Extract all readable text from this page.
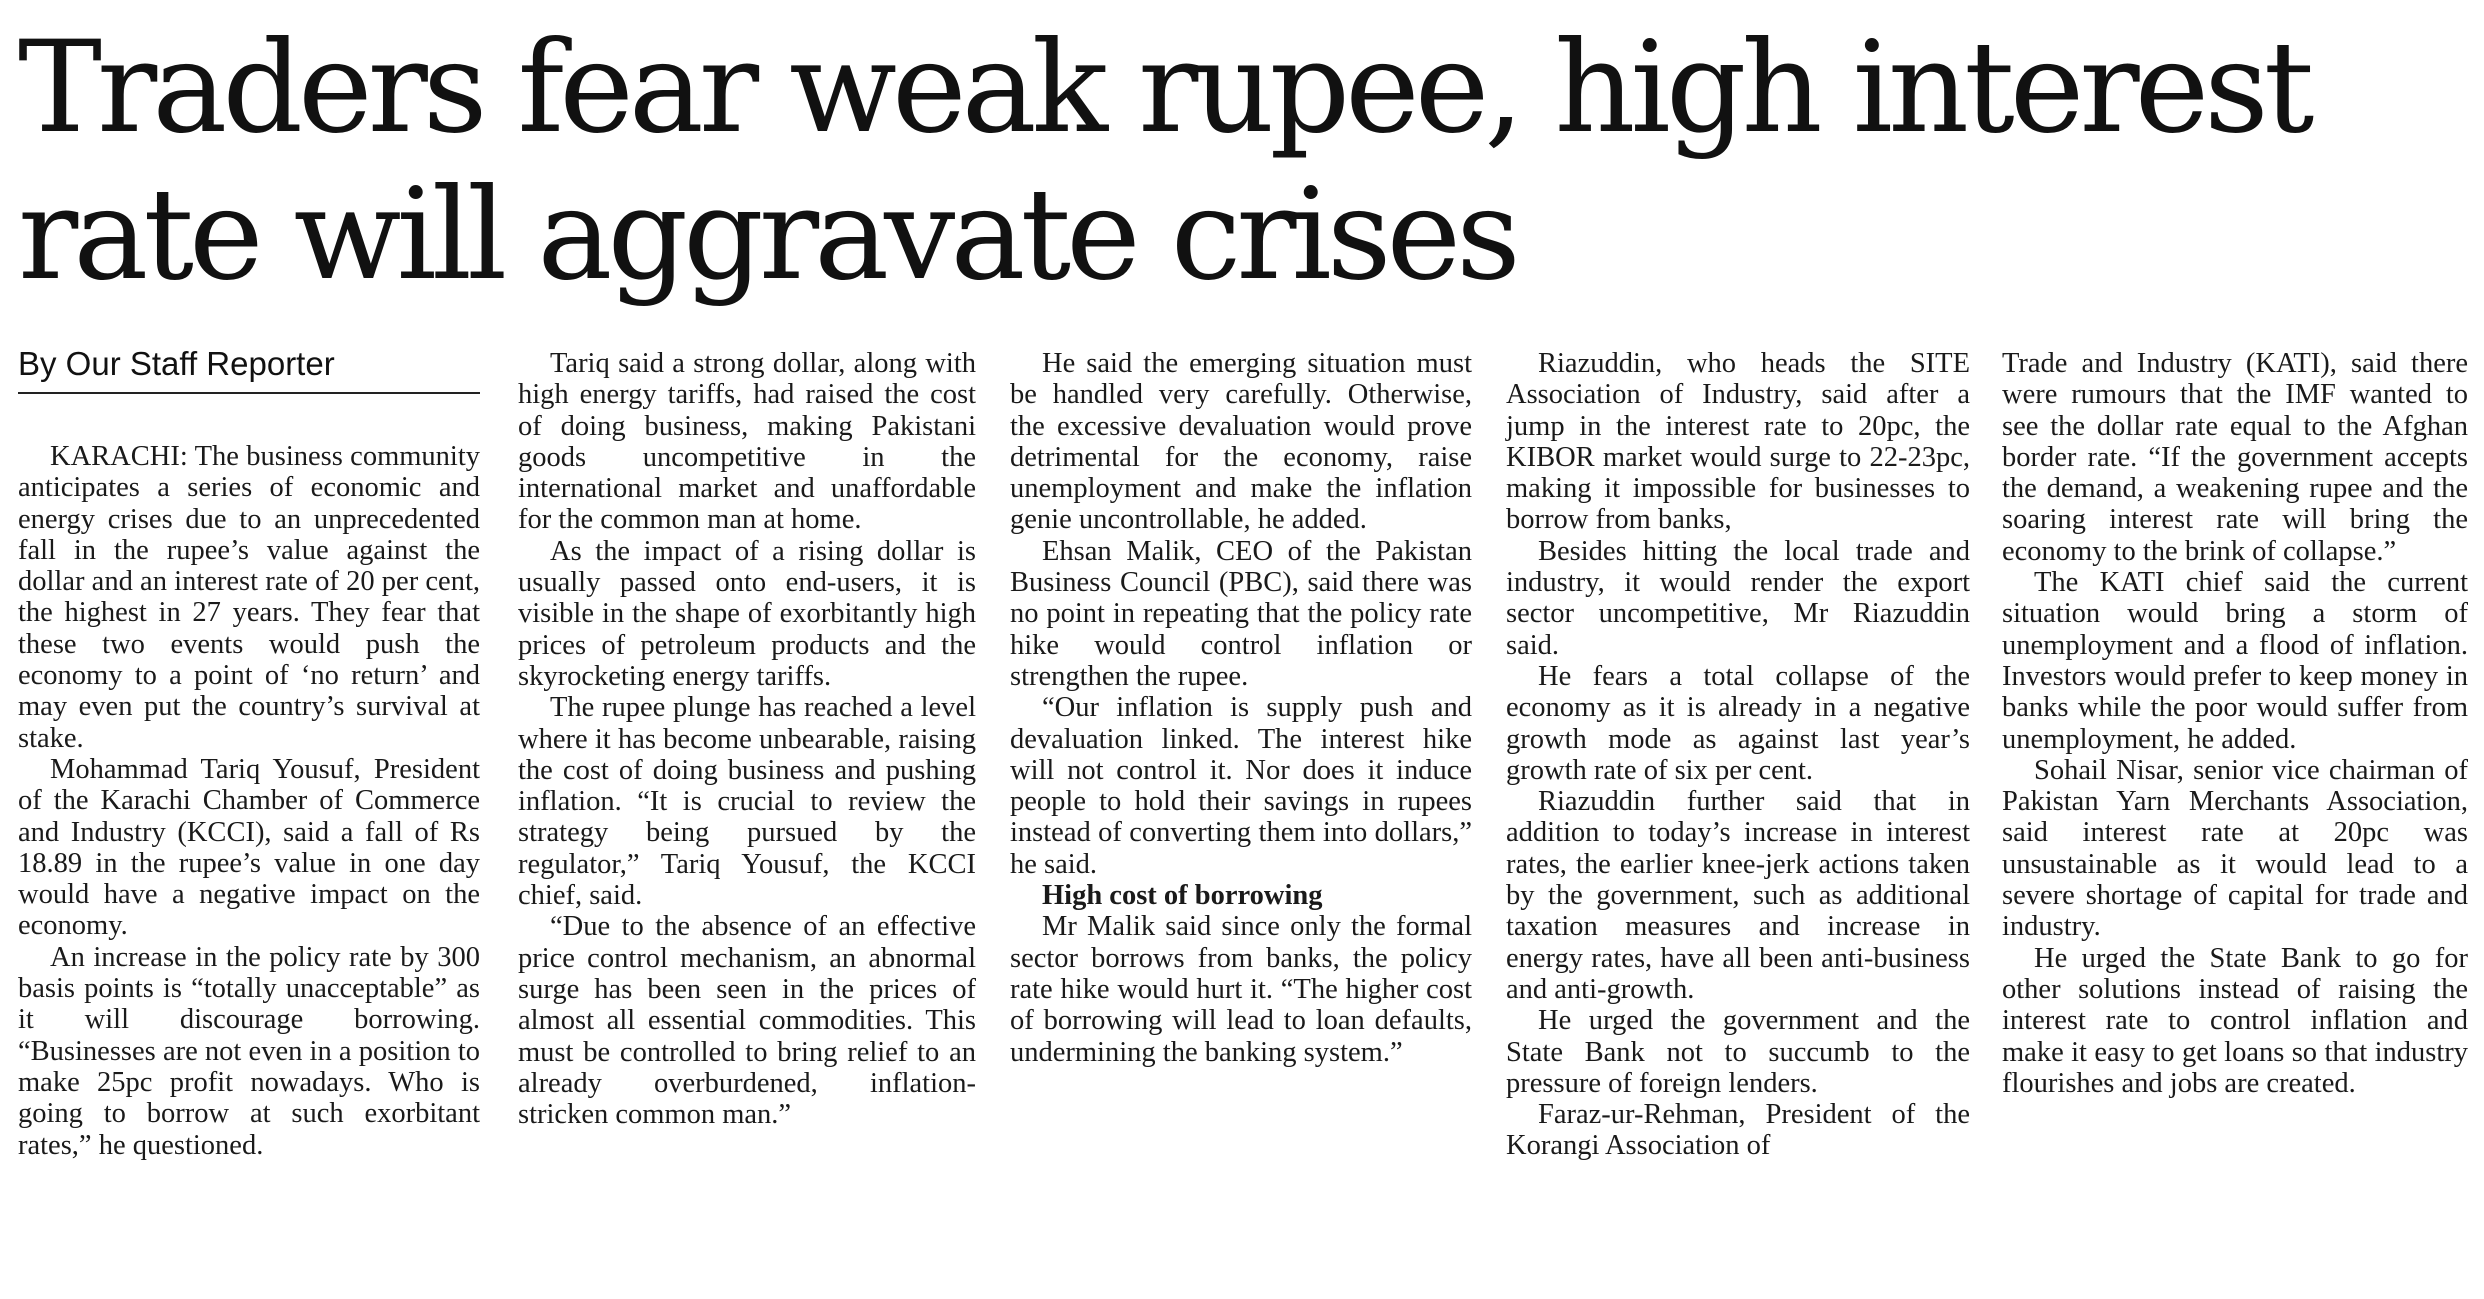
Traders fear weak rupee, high interest
rate will aggravate crises
By Our Staff Reporter

KARACHI: The business community anticipates a series of economic and energy crises due to an unprecedented fall in the rupee’s value against the dollar and an interest rate of 20 per cent, the highest in 27 years. They fear that these two events would push the economy to a point of ‘no return’ and may even put the country’s survival at stake.

Mohammad Tariq Yousuf, President of the Karachi Chamber of Commerce and Industry (KCCI), said a fall of Rs 18.89 in the rupee’s value in one day would have a negative impact on the economy.

An increase in the policy rate by 300 basis points is “totally unacceptable” as it will discourage borrowing. “Businesses are not even in a position to make 25pc profit nowadays. Who is going to borrow at such exorbitant rates,” he questioned.

Tariq said a strong dollar, along with high energy tariffs, had raised the cost of doing business, making Pakistani goods uncompetitive in the international market and unaffordable for the common man at home.

As the impact of a rising dollar is usually passed onto end-users, it is visible in the shape of exorbitantly high prices of petroleum products and the skyrocketing energy tariffs.

The rupee plunge has reached a level where it has become unbearable, raising the cost of doing business and pushing inflation. “It is crucial to review the strategy being pursued by the regulator,” Tariq Yousuf, the KCCI chief, said.

“Due to the absence of an effective price control mechanism, an abnormal surge has been seen in the prices of almost all essential commodities. This must be controlled to bring relief to an already overburdened, inflation-stricken common man.”

He said the emerging situation must be handled very carefully. Otherwise, the excessive devaluation would prove detrimental for the economy, raise unemployment and make the inflation genie uncontrollable, he added.

Ehsan Malik, CEO of the Pakistan Business Council (PBC), said there was no point in repeating that the policy rate hike would control inflation or strengthen the rupee.

“Our inflation is supply push and devaluation linked. The interest hike will not control it. Nor does it induce people to hold their savings in rupees instead of converting them into dollars,” he said.

High cost of borrowing

Mr Malik said since only the formal sector borrows from banks, the policy rate hike would hurt it. “The higher cost of borrowing will lead to loan defaults, undermining the banking system.”

Riazuddin, who heads the SITE Association of Industry, said after a jump in the interest rate to 20pc, the KIBOR market would surge to 22-23pc, making it impossible for businesses to borrow from banks,

Besides hitting the local trade and industry, it would render the export sector uncompetitive, Mr Riazuddin said.

He fears a total collapse of the economy as it is already in a negative growth mode as against last year’s growth rate of six per cent.

Riazuddin further said that in addition to today’s increase in interest rates, the earlier knee-jerk actions taken by the government, such as additional taxation measures and increase in energy rates, have all been anti-business and anti-growth.

He urged the government and the State Bank not to succumb to the pressure of foreign lenders.

Faraz-ur-Rehman, President of the Korangi Association of

Trade and Industry (KATI), said there were rumours that the IMF wanted to see the dollar rate equal to the Afghan border rate. “If the government accepts the demand, a weakening rupee and the soaring interest rate will bring the economy to the brink of collapse.”

The KATI chief said the current situation would bring a storm of unemployment and a flood of inflation. Investors would prefer to keep money in banks while the poor would suffer from unemployment, he added.

Sohail Nisar, senior vice chairman of Pakistan Yarn Merchants Association, said interest rate at 20pc was unsustainable as it would lead to a severe shortage of capital for trade and industry.

He urged the State Bank to go for other solutions instead of raising the interest rate to control inflation and make it easy to get loans so that industry flourishes and jobs are created.
